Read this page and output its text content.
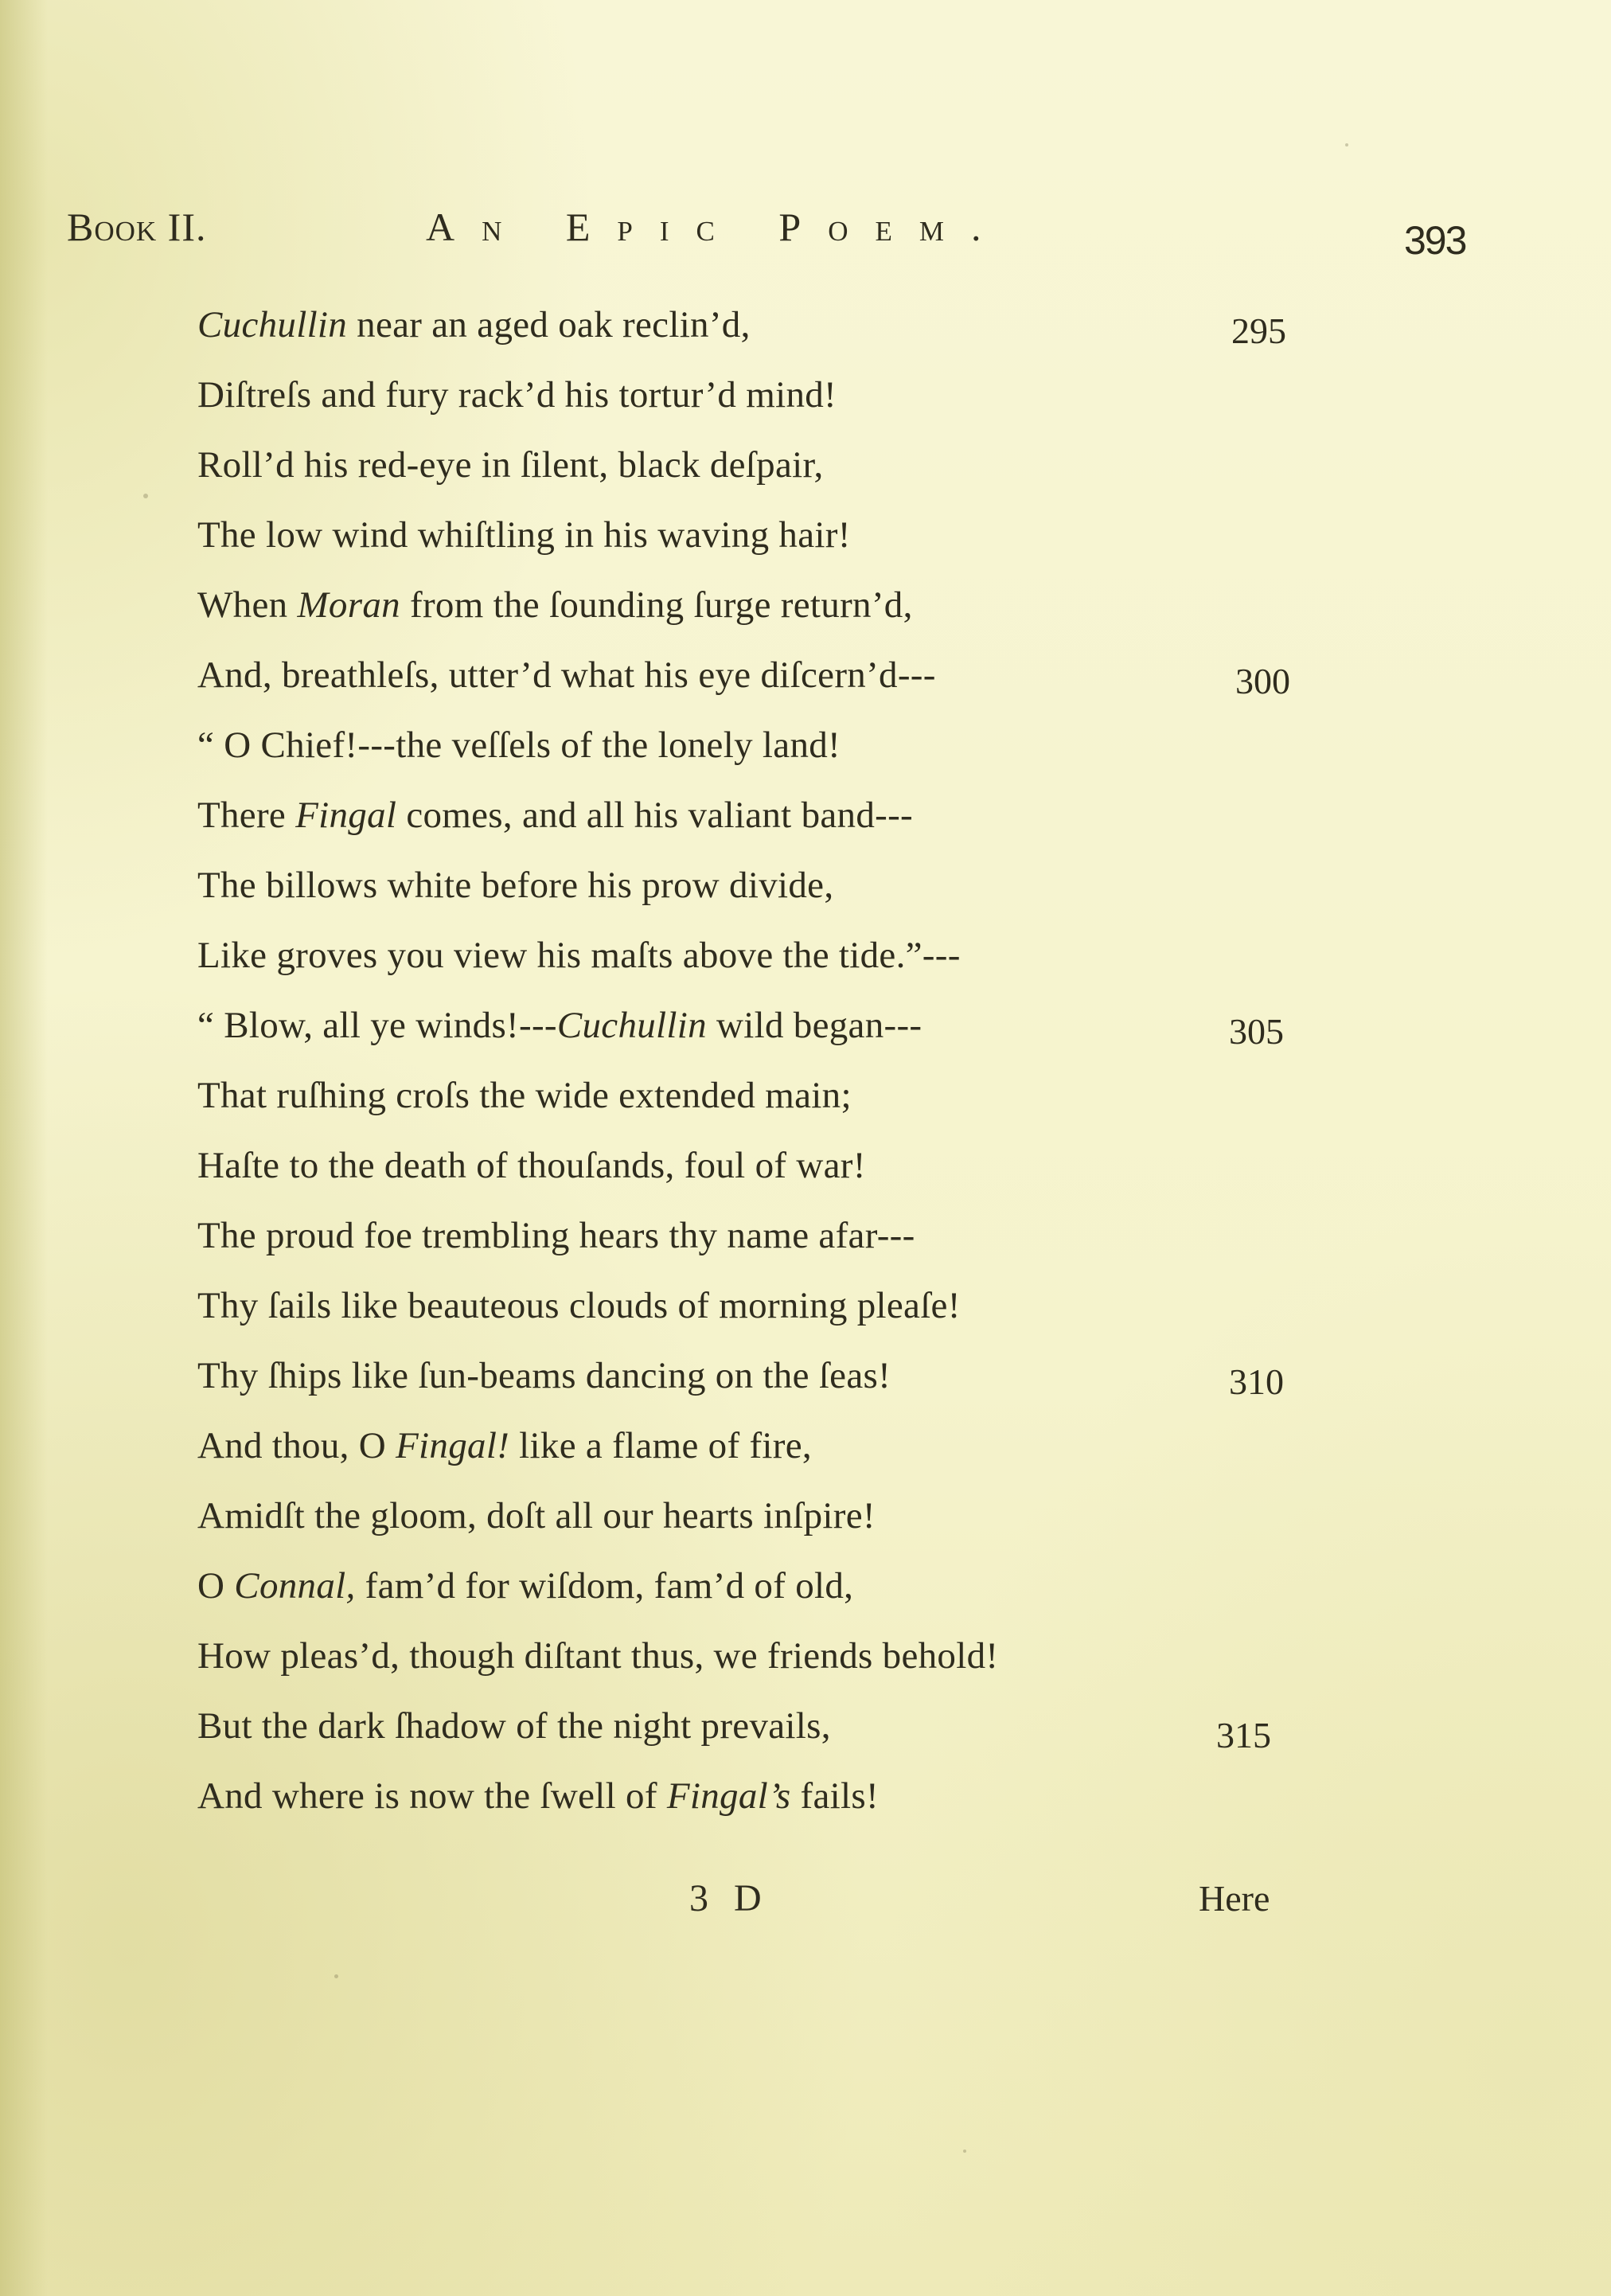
Book II.	An Epic Poem.	393
Cuchullin near an aged oak reclin’d,	295
Diſtreſs and fury rack’d his tortur’d mind!
Roll’d his red-eye in ſilent, black deſpair,
The low wind whiſtling in his waving hair!
When Moran from the ſounding ſurge return’d,
And, breathleſs, utter’d what his eye diſcern’d---	300
“ O Chief!---the veſſels of the lonely land!
There Fingal comes, and all his valiant band---
The billows white before his prow divide,
Like groves you view his maſts above the tide.”---
“ Blow, all ye winds!---Cuchullin wild began---	305
That ruſhing croſs the wide extended main;
Haſte to the death of thouſands, foul of war!
The proud foe trembling hears thy name afar---
Thy ſails like beauteous clouds of morning pleaſe!
Thy ſhips like ſun-beams dancing on the ſeas!	310
And thou, O Fingal! like a flame of fire,
Amidſt the gloom, doſt all our hearts inſpire!
O Connal, fam’d for wiſdom, fam’d of old,
How pleas’d, though diſtant thus, we friends behold!
But the dark ſhadow of the night prevails,	315
And where is now the ſwell of Fingal’s fails!
3 D	Here
